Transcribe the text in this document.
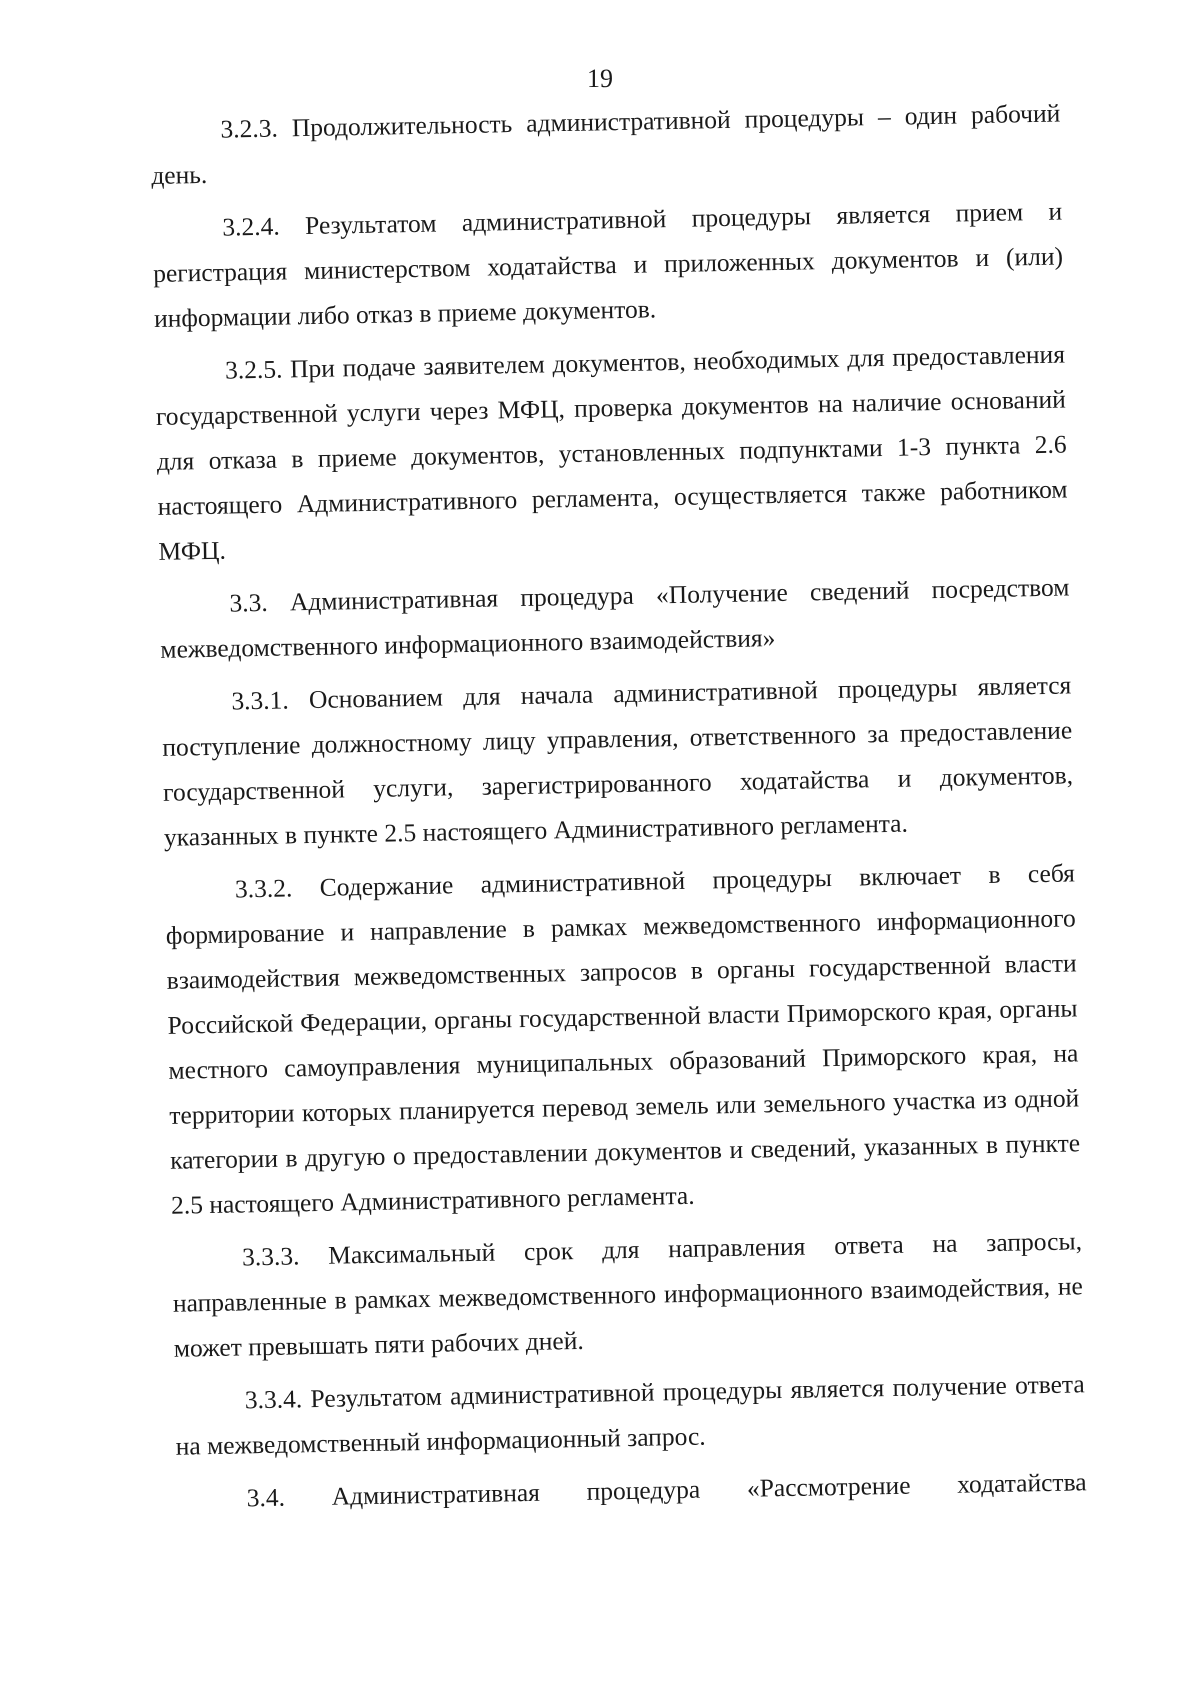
19

3.2.3. Продолжительность административной процедуры – один рабочий день.

3.2.4. Результатом административной процедуры является прием и регистрация министерством ходатайства и приложенных документов и (или) информации либо отказ в приеме документов.

3.2.5. При подаче заявителем документов, необходимых для предоставления государственной услуги через МФЦ, проверка документов на наличие оснований для отказа в приеме документов, установленных подпунктами 1-3 пункта 2.6 настоящего Административного регламента, осуществляется также работником МФЦ.

3.3. Административная процедура «Получение сведений посредством межведомственного информационного взаимодействия»

3.3.1. Основанием для начала административной процедуры является поступление должностному лицу управления, ответственного за предоставление государственной услуги, зарегистрированного ходатайства и документов, указанных в пункте 2.5 настоящего Административного регламента.

3.3.2. Содержание административной процедуры включает в себя формирование и направление в рамках межведомственного информационного взаимодействия межведомственных запросов в органы государственной власти Российской Федерации, органы государственной власти Приморского края, органы местного самоуправления муниципальных образований Приморского края, на территории которых планируется перевод земель или земельного участка из одной категории в другую о предоставлении документов и сведений, указанных в пункте 2.5 настоящего Административного регламента.

3.3.3. Максимальный срок для направления ответа на запросы, направленные в рамках межведомственного информационного взаимодействия, не может превышать пяти рабочих дней.

3.3.4. Результатом административной процедуры является получение ответа на межведомственный информационный запрос.

3.4. Административная процедура «Рассмотрение ходатайства
